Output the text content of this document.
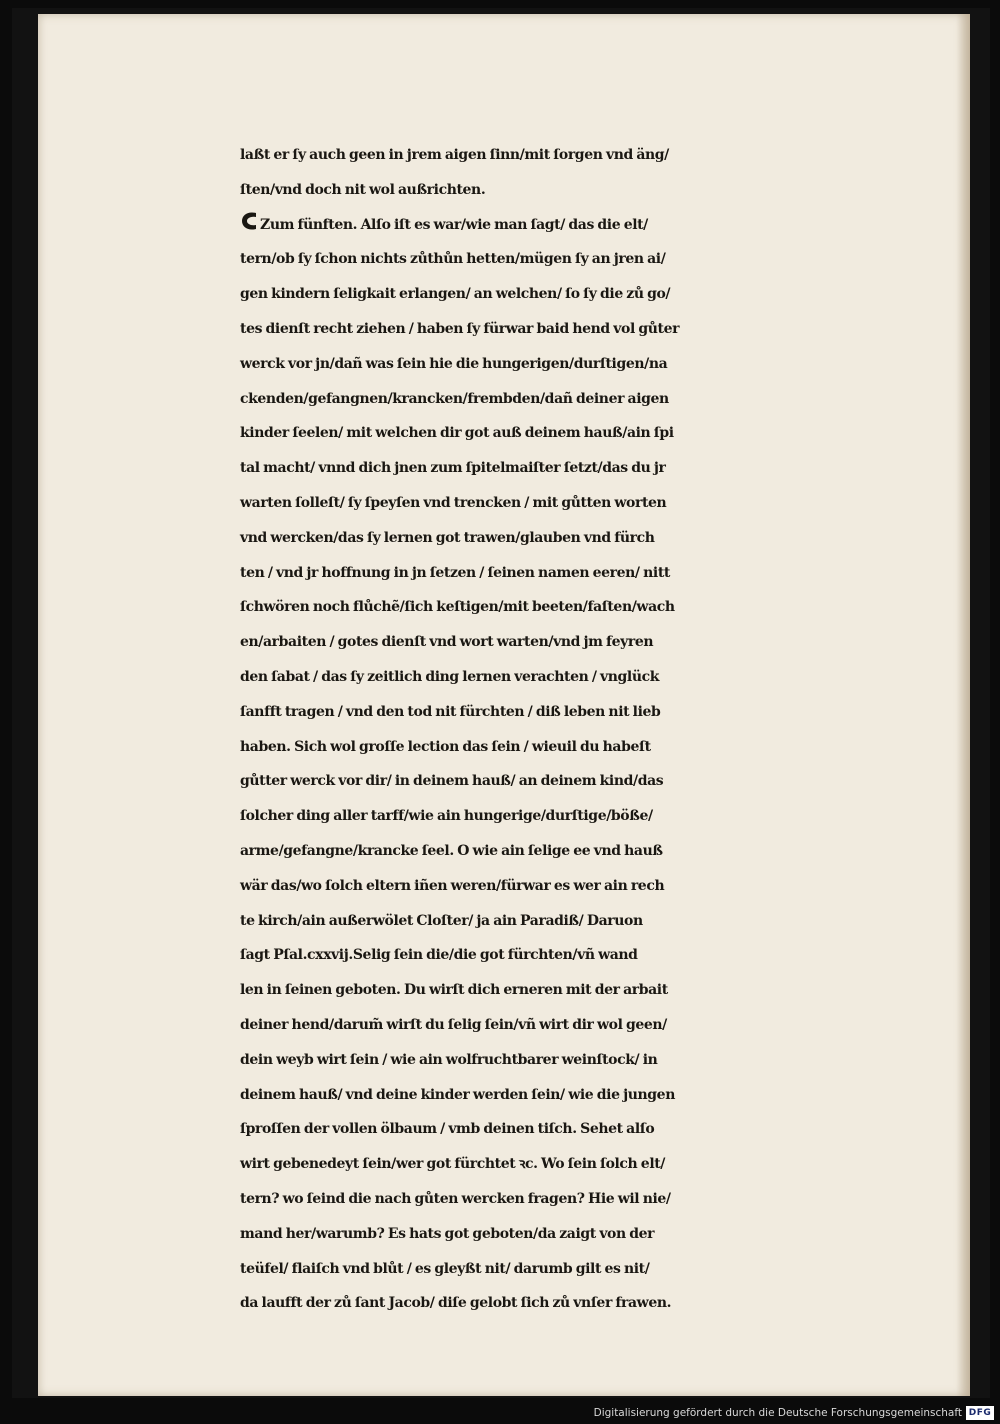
laßt er ſy auch geen in jrem aigen ſinn/mit ſorgen vnd äng/
ſten/vnd doch nit wol außrichten.
Zum fünften. Alſo iſt es war/wie man ſagt/ das die elt/
tern/ob ſy ſchon nichts zůthůn hetten/mügen ſy an jren ai/
gen kindern ſeligkait erlangen/ an welchen/ ſo ſy die zů go/
tes dienſt recht ziehen / haben ſy fürwar baid hend vol gůter
werck vor jn/dañ was ſein hie die hungerigen/durſtigen/na
ckenden/gefangnen/krancken/frembden/dañ deiner aigen
kinder ſeelen/ mit welchen dir got auß deinem hauß/ain ſpi
tal macht/ vnnd dich jnen zum ſpitelmaiſter ſetzt/das du jr
warten ſolleſt/ ſy ſpeyſen vnd trencken / mit gůtten worten
vnd wercken/das ſy lernen got trawen/glauben vnd fürch
ten / vnd jr hoffnung in jn ſetzen / ſeinen namen eeren/ nitt
ſchwören noch flůchẽ/ſich keſtigen/mit beeten/faſten/wach
en/arbaiten / gotes dienſt vnd wort warten/vnd jm feyren
den ſabat / das ſy zeitlich ding lernen verachten / vnglück
ſanfft tragen / vnd den tod nit fürchten / diß leben nit lieb
haben. Sich wol groſſe lection das ſein / wieuil du habeſt
gůtter werck vor dir/ in deinem hauß/ an deinem kind/das
ſolcher ding aller tarff/wie ain hungerige/durſtige/böße/
arme/gefangne/krancke ſeel. O wie ain ſelige ee vnd hauß
wär das/wo ſolch eltern iñen weren/fürwar es wer ain rech
te kirch/ain außerwölet Cloſter/ ja ain Paradiß/ Daruon
ſagt Pſal.cxxvij.Selig ſein die/die got fürchten/vñ wand
len in ſeinen geboten. Du wirſt dich erneren mit der arbait
deiner hend/darum̃ wirſt du ſelig ſein/vñ wirt dir wol geen/
dein weyb wirt ſein / wie ain wolfruchtbarer weinſtock/ in
deinem hauß/ vnd deine kinder werden ſein/ wie die jungen
ſproſſen der vollen ölbaum / vmb deinen tiſch. Sehet alſo
wirt gebenedeyt ſein/wer got fürchtet ꝛc. Wo ſein ſolch elt/
tern? wo ſeind die nach gůten wercken fragen? Hie wil nie/
mand her/warumb? Es hats got geboten/da zaigt von der
teüfel/ flaiſch vnd blůt / es gleyßt nit/ darumb gilt es nit/
da laufft der zů ſant Jacob/ diſe gelobt ſich zů vnſer frawen.
Digitalisierung gefördert durch die Deutsche Forschungsgemeinschaft DFG
